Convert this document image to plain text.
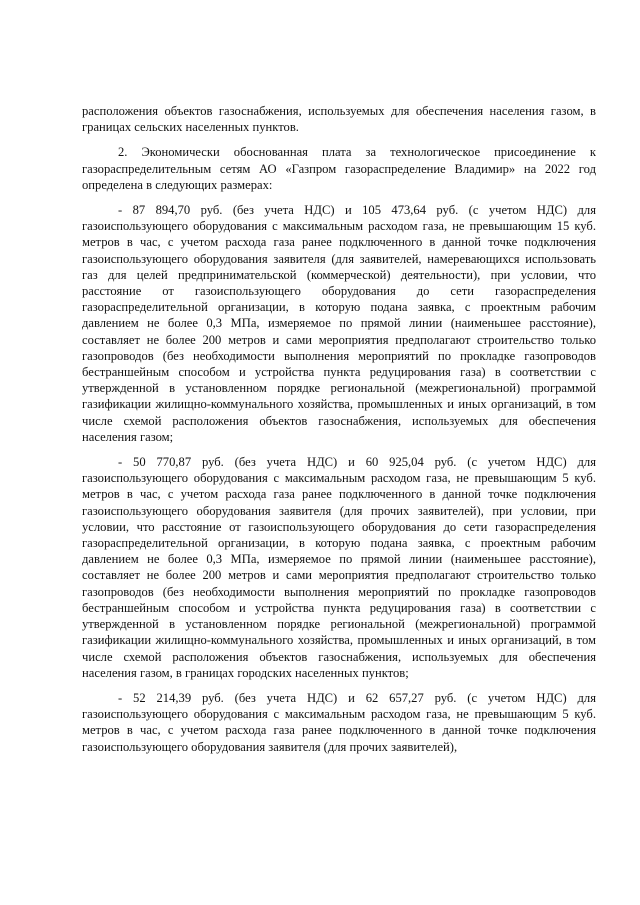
расположения объектов газоснабжения, используемых для обеспечения населения газом, в границах сельских населенных пунктов.

2. Экономически обоснованная плата за технологическое присоединение к газораспределительным сетям АО «Газпром газораспределение Владимир» на 2022 год определена в следующих размерах:

- 87 894,70 руб. (без учета НДС) и 105 473,64 руб. (с учетом НДС) для газоиспользующего оборудования с максимальным расходом газа, не превышающим 15 куб. метров в час, с учетом расхода газа ранее подключенного в данной точке подключения газоиспользующего оборудования заявителя (для заявителей, намеревающихся использовать газ для целей предпринимательской (коммерческой) деятельности), при условии, что расстояние от газоиспользующего оборудования до сети газораспределения газораспределительной организации, в которую подана заявка, с проектным рабочим давлением не более 0,3 МПа, измеряемое по прямой линии (наименьшее расстояние), составляет не более 200 метров и сами мероприятия предполагают строительство только газопроводов (без необходимости выполнения мероприятий по прокладке газопроводов бестраншейным способом и устройства пункта редуцирования газа) в соответствии с утвержденной в установленном порядке региональной (межрегиональной) программой газификации жилищно-коммунального хозяйства, промышленных и иных организаций, в том числе схемой расположения объектов газоснабжения, используемых для обеспечения населения газом;

- 50 770,87 руб. (без учета НДС) и 60 925,04 руб. (с учетом НДС) для газоиспользующего оборудования с максимальным расходом газа, не превышающим 5 куб. метров в час, с учетом расхода газа ранее подключенного в данной точке подключения газоиспользующего оборудования заявителя (для прочих заявителей), при условии, при условии, что расстояние от газоиспользующего оборудования до сети газораспределения газораспределительной организации, в которую подана заявка, с проектным рабочим давлением не более 0,3 МПа, измеряемое по прямой линии (наименьшее расстояние), составляет не более 200 метров и сами мероприятия предполагают строительство только газопроводов (без необходимости выполнения мероприятий по прокладке газопроводов бестраншейным способом и устройства пункта редуцирования газа) в соответствии с утвержденной в установленном порядке региональной (межрегиональной) программой газификации жилищно-коммунального хозяйства, промышленных и иных организаций, в том числе схемой расположения объектов газоснабжения, используемых для обеспечения населения газом, в границах городских населенных пунктов;

- 52 214,39 руб. (без учета НДС) и 62 657,27 руб. (с учетом НДС) для газоиспользующего оборудования с максимальным расходом газа, не превышающим 5 куб. метров в час, с учетом расхода газа ранее подключенного в данной точке подключения газоиспользующего оборудования заявителя (для прочих заявителей),
